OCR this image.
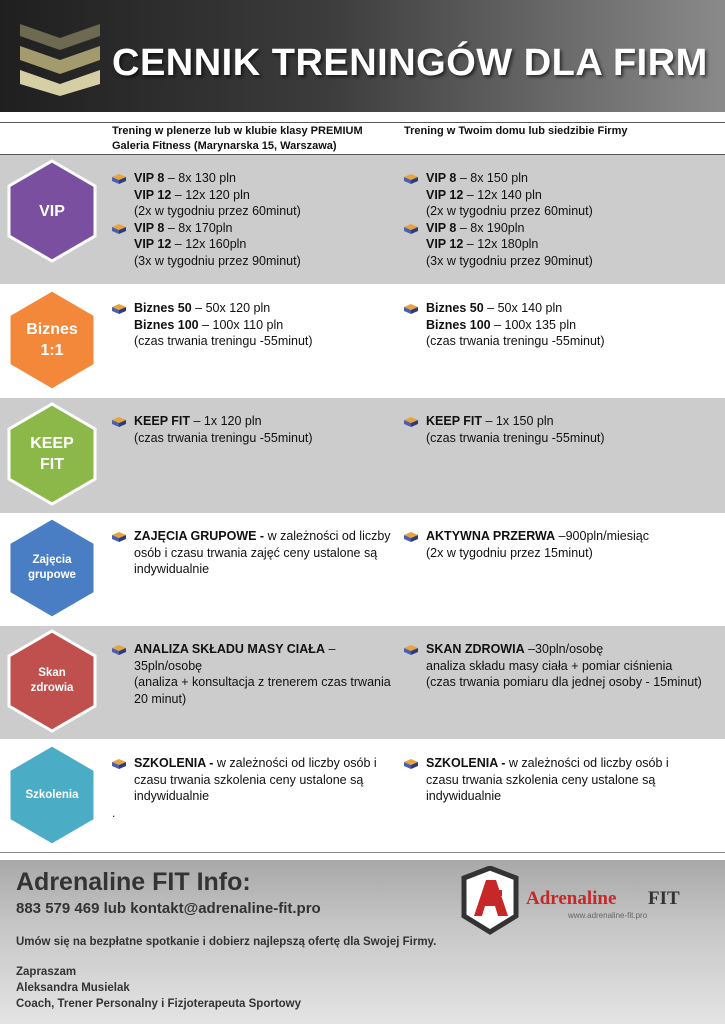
CENNIK TRENINGÓW DLA FIRM
Trening w plenerze lub w klubie klasy PREMIUM Galeria Fitness (Marynarska 15, Warszawa)
Trening w Twoim domu lub siedzibie Firmy
VIP
VIP 8 – 8x 130 pln
VIP 12 – 12x 120 pln
(2x w tygodniu przez 60minut)
VIP 8 – 8x 170pln
VIP 12 – 12x 160pln
(3x w tygodniu przez 90minut)
VIP 8 – 8x 150 pln
VIP 12 – 12x 140 pln
(2x w tygodniu przez 60minut)
VIP 8 – 8x 190pln
VIP 12 – 12x 180pln
(3x w tygodniu przez 90minut)
Biznes
1:1
Biznes 50 – 50x 120 pln
Biznes 100 – 100x 110 pln
(czas trwania treningu -55minut)
Biznes 50 – 50x 140 pln
Biznes 100 – 100x 135 pln
(czas trwania treningu -55minut)
KEEP
FIT
KEEP FIT – 1x 120 pln
(czas trwania treningu -55minut)
KEEP FIT – 1x 150 pln
(czas trwania treningu -55minut)
Zajęcia
grupowe
ZAJĘCIA GRUPOWE - w zależności od liczby
osób i czasu trwania zajęć ceny ustalone są
indywidualnie
AKTYWNA PRZERWA –900pln/miesiąc
(2x w tygodniu przez 15minut)
Skan
zdrowia
ANALIZA SKŁADU MASY CIAŁA –35pln/osobę
(analiza + konsultacja z trenerem czas trwania
20 minut)
SKAN ZDROWIA –30pln/osobę
analiza składu masy ciała + pomiar ciśnienia
(czas trwania pomiaru dla jednej osoby - 15minut)
Szkolenia
SZKOLENIA - w zależności od liczby osób i
czasu trwania szkolenia ceny ustalone są
indywidualnie
SZKOLENIA - w zależności od liczby osób i
czasu trwania szkolenia ceny ustalone są
indywidualnie
.
Adrenaline FIT Info:
883 579 469 lub kontakt@adrenaline-fit.pro
Umów się na bezpłatne spotkanie i dobierz najlepszą ofertę dla Swojej Firmy.
Zapraszam
Aleksandra Musielak
Coach, Trener Personalny i Fizjoterapeuta Sportowy
Adrenaline FIT
www.adrenaline-fit.pro
